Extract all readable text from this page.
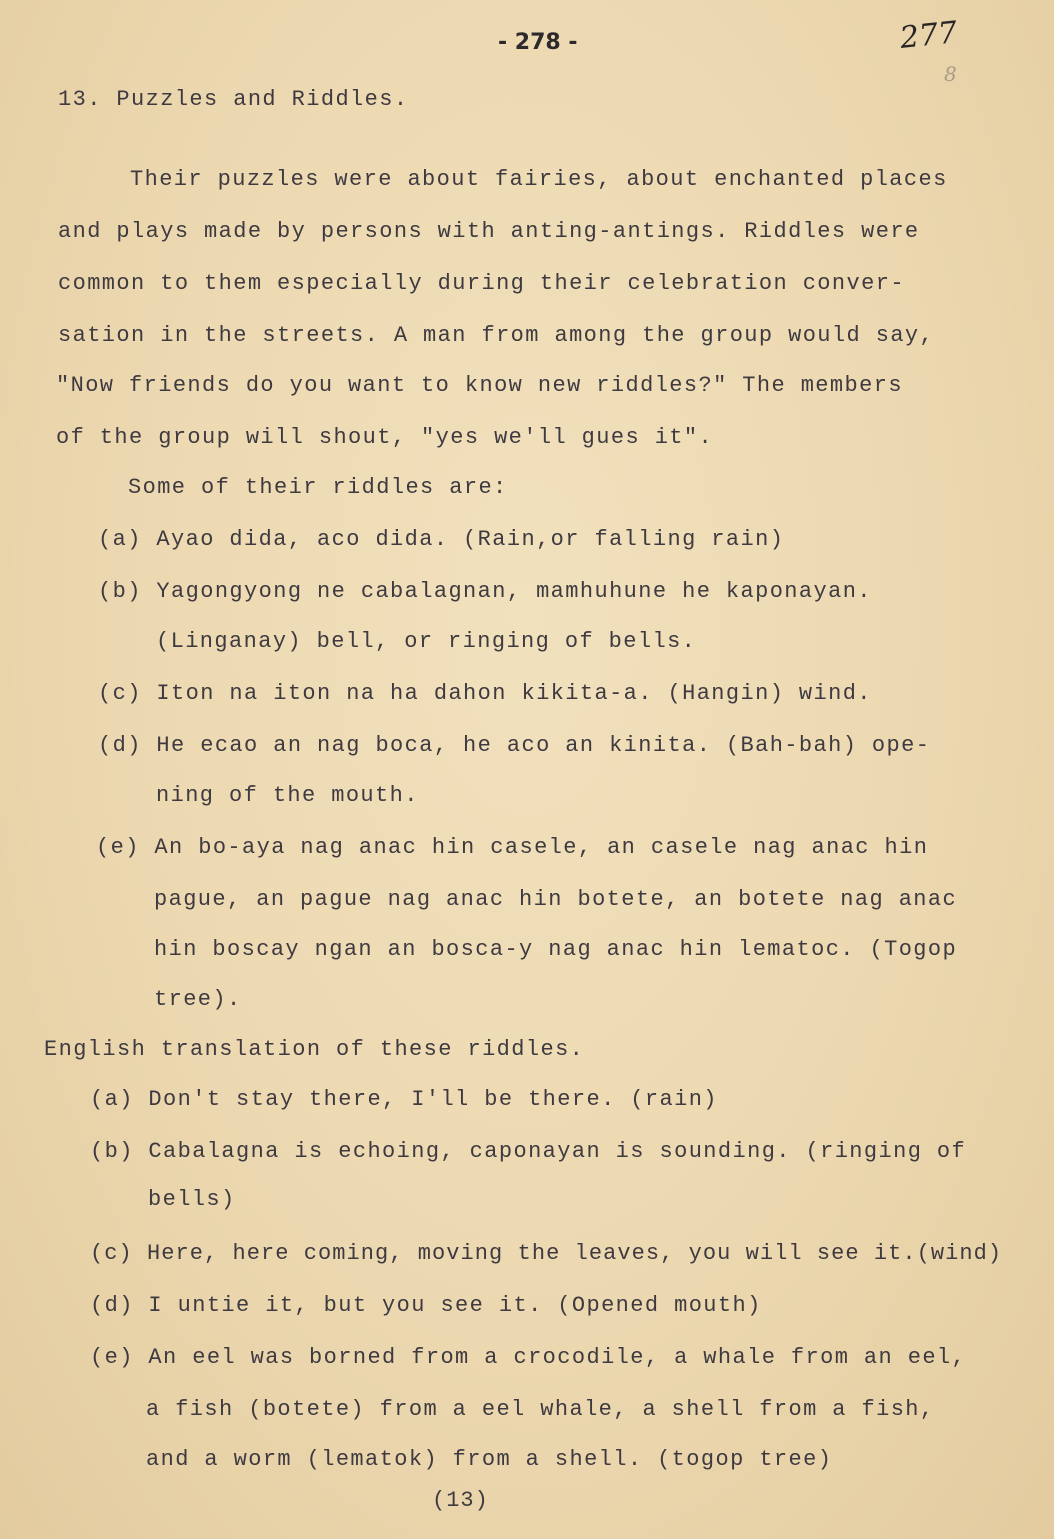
- 278 -	277
8
13. Puzzles and Riddles.
Their puzzles were about fairies, about enchanted places
and plays made by persons with anting-antings. Riddles were
common to them especially during their celebration conver-
sation in the streets. A man from among the group would say,
"Now friends do you want to know new riddles?" The members
of the group will shout, "yes we'll gues it".
Some of their riddles are:
(a) Ayao dida, aco dida. (Rain,or falling rain)
(b) Yagongyong ne cabalagnan, mamhuhune he kaponayan.
(Linganay) bell, or ringing of bells.
(c) Iton na iton na ha dahon kikita-a. (Hangin) wind.
(d) He ecao an nag boca, he aco an kinita. (Bah-bah) ope-
ning of the mouth.
(e) An bo-aya nag anac hin casele, an casele nag anac hin
pague, an pague nag anac hin botete, an botete nag anac
hin boscay ngan an bosca-y nag anac hin lematoc. (Togop
tree).
English translation of these riddles.
(a) Don't stay there, I'll be there. (rain)
(b) Cabalagna is echoing, caponayan is sounding. (ringing of
bells)
(c) Here, here coming, moving the leaves, you will see it.(wind)
(d) I untie it, but you see it. (Opened mouth)
(e) An eel was borned from a crocodile, a whale from an eel,
a fish (botete) from a eel whale, a shell from a fish,
and a worm (lematok) from a shell. (togop tree)
(13)
